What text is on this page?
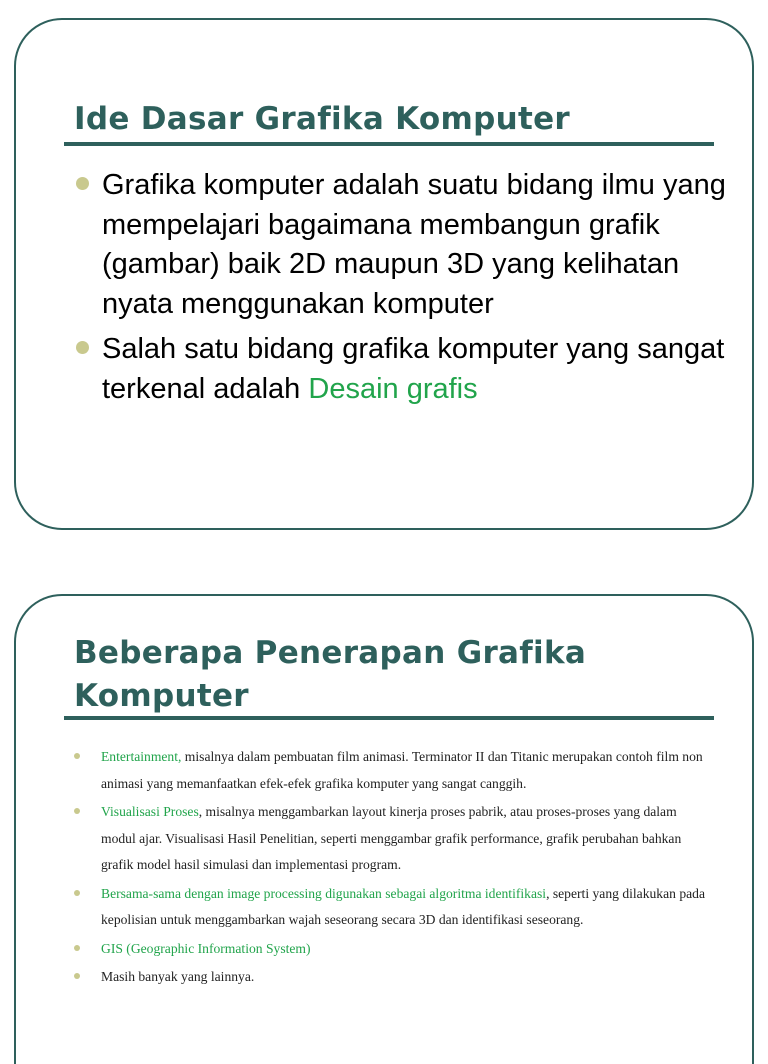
Ide Dasar Grafika Komputer
Grafika komputer adalah suatu bidang ilmu yang mempelajari bagaimana membangun grafik (gambar) baik 2D maupun 3D yang kelihatan nyata menggunakan komputer
Salah satu bidang grafika komputer yang sangat terkenal adalah Desain grafis
Beberapa Penerapan Grafika Komputer
Entertainment, misalnya dalam pembuatan film animasi. Terminator II dan Titanic merupakan contoh film non animasi yang memanfaatkan efek-efek grafika komputer yang sangat canggih.
Visualisasi Proses, misalnya menggambarkan layout kinerja proses pabrik, atau proses-proses yang dalam modul ajar. Visualisasi Hasil Penelitian, seperti menggambar grafik performance, grafik perubahan bahkan grafik model hasil simulasi dan implementasi program.
Bersama-sama dengan image processing digunakan sebagai algoritma identifikasi, seperti yang dilakukan pada kepolisian untuk menggambarkan wajah seseorang secara 3D dan identifikasi seseorang.
GIS (Geographic Information System)
Masih banyak yang lainnya.
